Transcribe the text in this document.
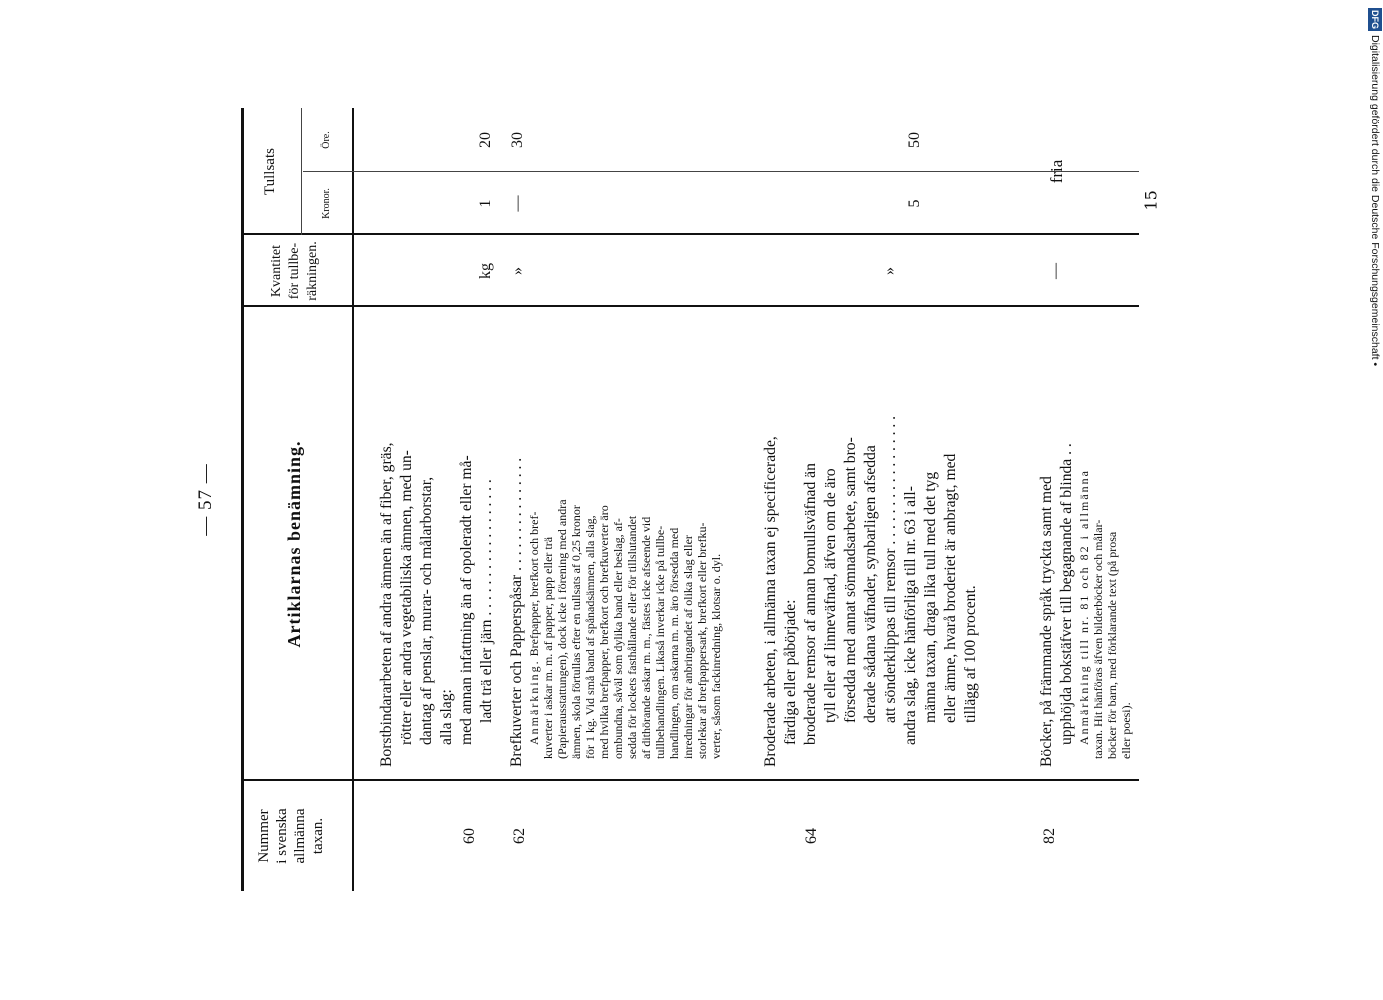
— 57 —
Nummer i svenska allmänna taxan.
Artiklarnas benämning.
Kvantitet för tullbe- räkningen.
Tullsats
Kronor.
Öre.
Borstbindararbeten af andra ämnen än af fiber, gräs, rötter eller andra vegetabiliska ämnen, med un- dantag af penslar, murar- och målarborstar, alla slag:
60
med annan infattning än af opoleradt eller må- ladt trä eller järn . . . . . . . . . . . . . . . . . .
kg
1
20
62
Brefkuverter och Papperspåsar . . . . . . . . . . . . . . . Anmärkning. Brefpapper, brefkort och bref-
kuverter i askar m. m. af papper, papp eller trä
(Papierausstattungen), dock icke i förening med andra
ämnen, skola förtullas efter en tullsats af 0,25 kronor
för 1 kg. Vid små band af spånadsämnen, alla slag,
med hvilka brefpapper, brefkort och brefkuverter äro
ombundna, såväl som dylika band eller beslag, af-
sedda för lockets fasthållande eller för tillslutandet
af dithörande askar m. m., fästes icke afseende vid
tullbehandlingen. Likaså inverkar icke på tullbe-
handlingen, om askarna m. m. äro försedda med
inredningar för anbringandet af olika slag eller
storlekar af brefpappersark, brefkort eller brefku-
verter, såsom fackinredning, klotsar o. dyl.
»
—
30
Broderade arbeten, i allmänna taxan ej specificerade, färdiga eller påbörjade:
64
broderade remsor af annan bomullsväfnad än tyll eller af linneväfnad, äfven om de äro försedda med annat sömnadsarbete, samt bro- derade sådana väfnader, synbarligen afsedda att sönderklippas till remsor . . . . . . . . . . . . . . . . . andra slag, icke hänförliga till nr. 63 i all- männa taxan, draga lika tull med det tyg eller ämne, hvarå broderiet är anbragt, med tillägg af 100 procent.
»
5
50
82
Böcker, på främmande språk tryckta samt med upphöjda bokstäfver till begagnande af blinda . . Anmärkning till nr. 81 och 82 i allmänna
taxan. Hit hänföras äfven bilderböcker och målar-
böcker för barn, med förklarande text (på prosa
eller poesi).
—
fria
15
DFGDigitalisierung gefördert durch die Deutsche Forschungsgemeinschaft •
